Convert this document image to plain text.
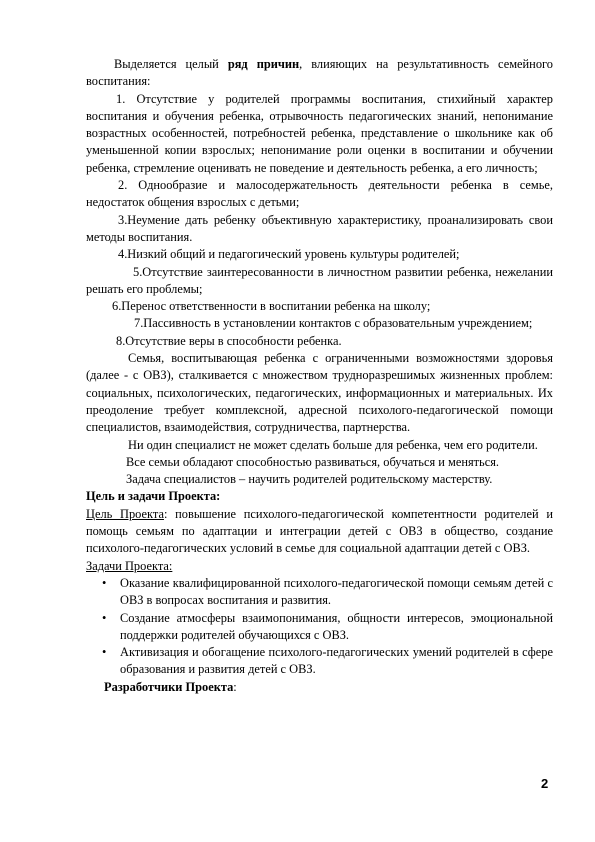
Выделяется целый ряд причин, влияющих на результативность семейного воспитания:

1. Отсутствие у родителей программы воспитания, стихийный характер воспитания и обучения ребенка, отрывочность педагогических знаний, непонимание возрастных особенностей, потребностей ребенка, представление о школьнике как об уменьшенной копии взрослых; непонимание роли оценки в воспитании и обучении ребенка, стремление оценивать не поведение и деятельность ребенка, а его личность;

2. Однообразие и малосодержательность деятельности ребенка в семье, недостаток общения взрослых с детьми;

3.Неумение дать ребенку объективную характеристику, проанализировать свои методы воспитания.

4.Низкий общий и педагогический уровень культуры родителей;

5.Отсутствие заинтересованности в личностном развитии ребенка, нежелании решать его проблемы;

6.Перенос ответственности в воспитании ребенка на школу;

7.Пассивность в установлении контактов с образовательным учреждением;

8.Отсутствие веры в способности ребенка.

Семья, воспитывающая ребенка с ограниченными возможностями здоровья (далее - с ОВЗ), сталкивается с множеством трудноразрешимых жизненных проблем: социальных, психологических, педагогических, информационных и материальных. Их преодоление требует комплексной, адресной психолого-педагогической помощи специалистов, взаимодействия, сотрудничества, партнерства.

Ни один специалист не может сделать больше для ребенка, чем его родители.

Все семьи обладают способностью развиваться, обучаться и меняться.

Задача специалистов – научить родителей родительскому мастерству.

Цель и задачи Проекта:

Цель Проекта: повышение психолого-педагогической компетентности родителей и помощь семьям по адаптации и интеграции детей с ОВЗ в общество, создание психолого-педагогических условий в семье для социальной адаптации детей с ОВЗ.

Задачи Проекта:

• Оказание квалифицированной психолого-педагогической помощи семьям детей с ОВЗ в вопросах воспитания и развития.
• Создание атмосферы взаимопонимания, общности интересов, эмоциональной поддержки родителей обучающихся с ОВЗ.
• Активизация и обогащение психолого-педагогических умений родителей в сфере образования и развития детей с ОВЗ.

Разработчики Проекта:

2
